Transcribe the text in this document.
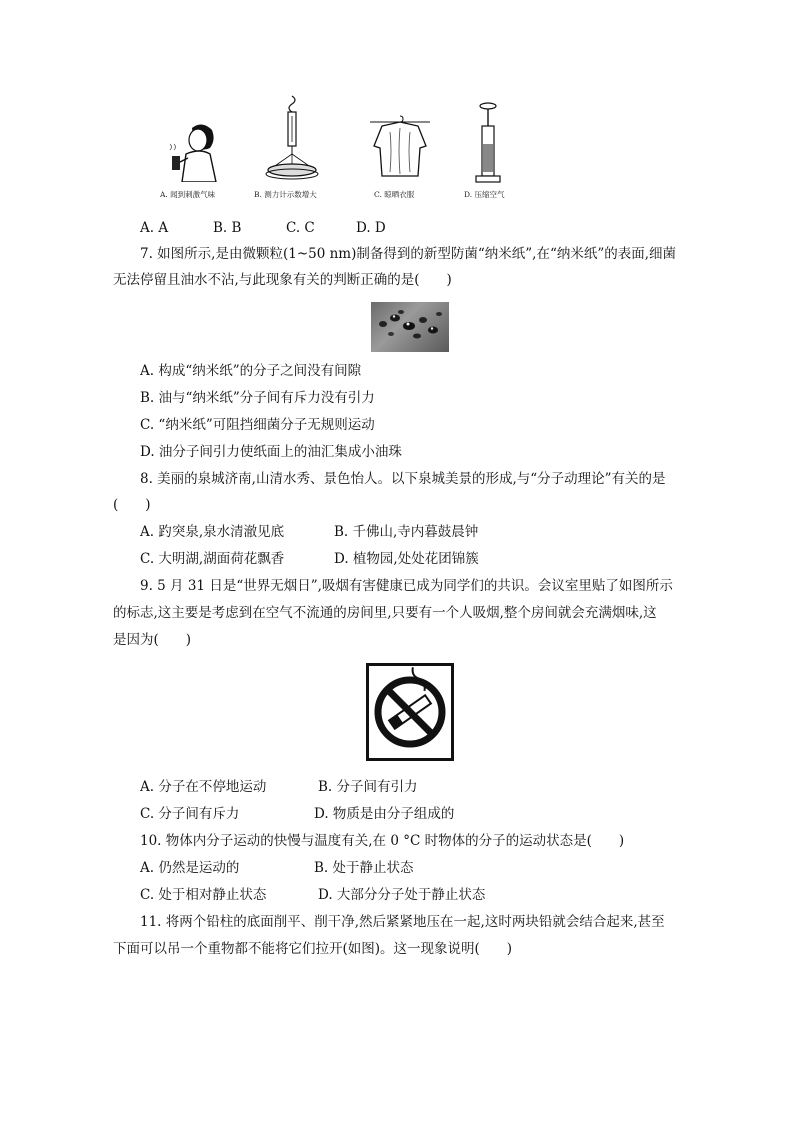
A. 闻到刺激气味	B. 测力计示数增大	C. 晾晒衣服	D. 压缩空气
A. A	B. B	C. C	D. D
7. 如图所示,是由微颗粒(1~50 nm)制备得到的新型防菌“纳米纸”,在“纳米纸”的表面,细菌
无法停留且油水不沾,与此现象有关的判断正确的是(　　)
A. 构成“纳米纸”的分子之间没有间隙
B. 油与“纳米纸”分子间有斥力没有引力
C. “纳米纸”可阻挡细菌分子无规则运动
D. 油分子间引力使纸面上的油汇集成小油珠
8. 美丽的泉城济南,山清水秀、景色怡人。以下泉城美景的形成,与“分子动理论”有关的是
(　　)
A. 趵突泉,泉水清澈见底	B. 千佛山,寺内暮鼓晨钟
C. 大明湖,湖面荷花飘香	D. 植物园,处处花团锦簇
9. 5 月 31 日是“世界无烟日”,吸烟有害健康已成为同学们的共识。会议室里贴了如图所示
的标志,这主要是考虑到在空气不流通的房间里,只要有一个人吸烟,整个房间就会充满烟味,这
是因为(　　)
A. 分子在不停地运动	B. 分子间有引力
C. 分子间有斥力	D. 物质是由分子组成的
10. 物体内分子运动的快慢与温度有关,在 0 °C 时物体的分子的运动状态是(　　)
A. 仍然是运动的	B. 处于静止状态
C. 处于相对静止状态	D. 大部分分子处于静止状态
11. 将两个铅柱的底面削平、削干净,然后紧紧地压在一起,这时两块铅就会结合起来,甚至
下面可以吊一个重物都不能将它们拉开(如图)。这一现象说明(　　)
